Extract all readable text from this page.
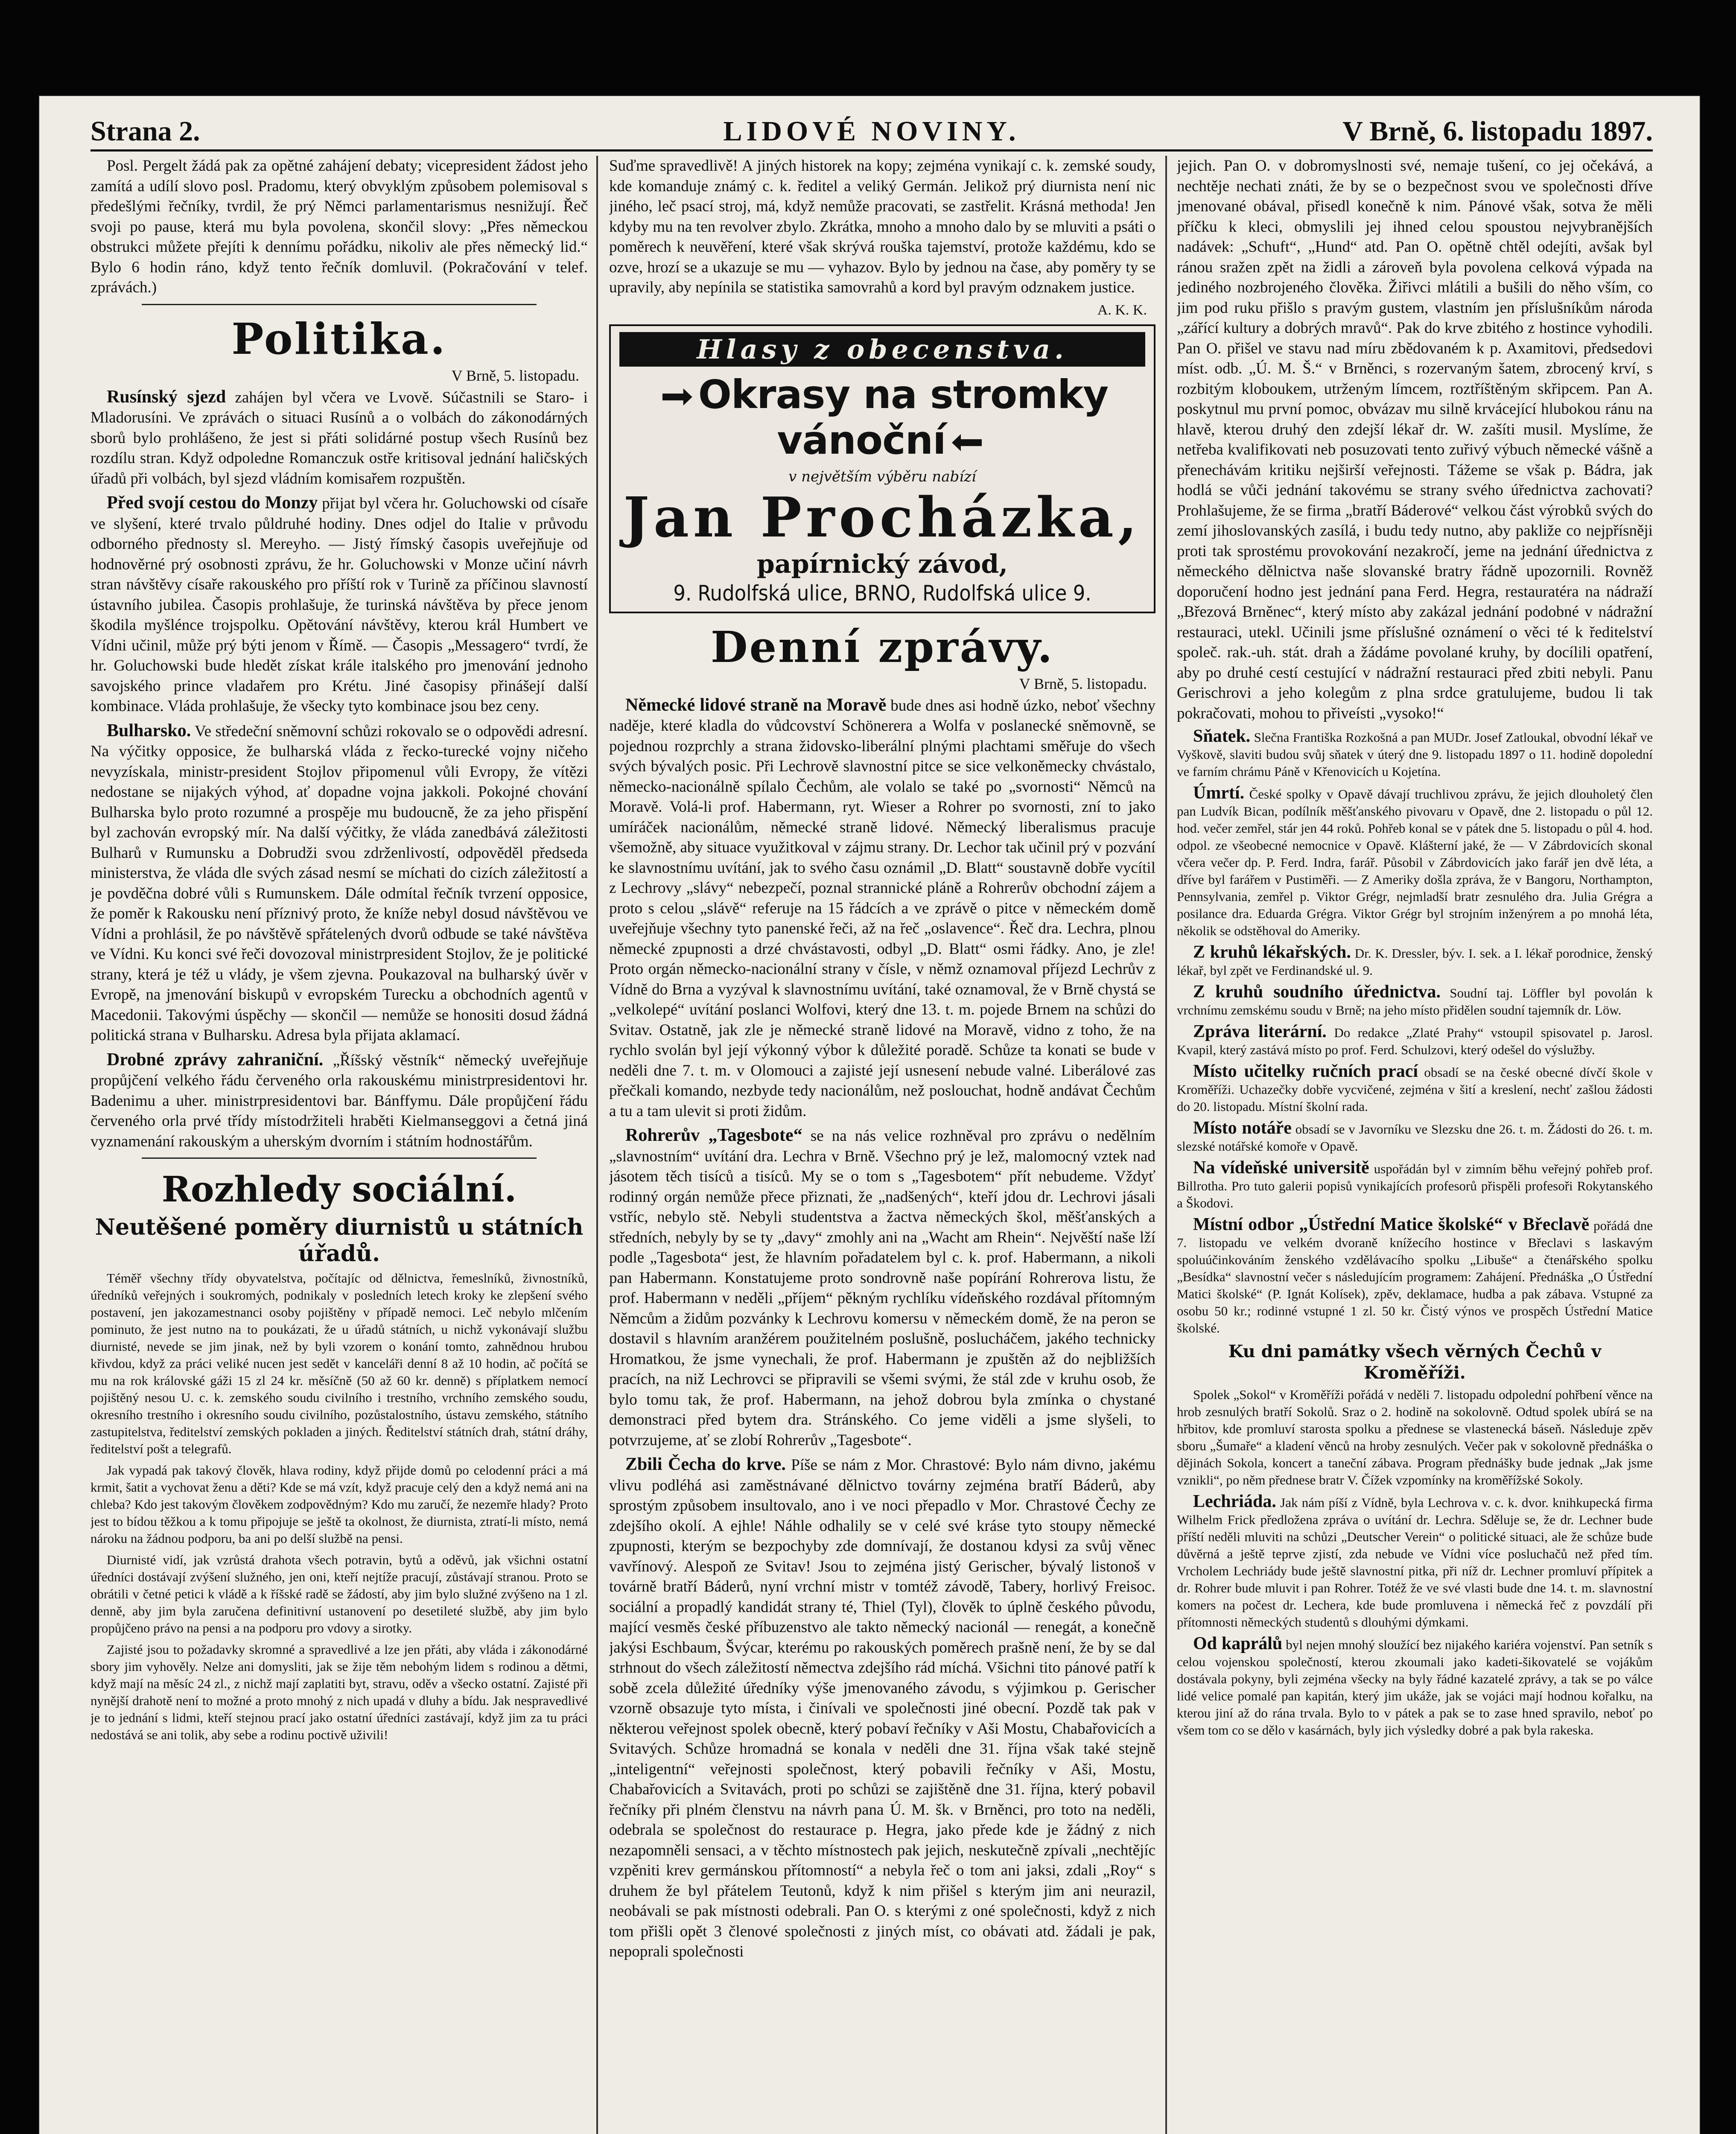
Strana 2.	LIDOVÉ NOVINY.	V Brně, 6. listopadu 1897.

Posl. Pergelt žádá pak za opětné zahájení debaty; vicepresident žádost jeho zamítá a udílí slovo posl. Pradomu, který obvyklým způsobem polemisoval s předešlými řečníky, tvrdil, že prý Němci parlamentarismus nesnižují. Řeč svoji po pause, která mu byla povolena, skončil slovy: „Přes německou obstrukci můžete přejíti k dennímu pořádku, nikoliv ale přes německý lid.“ Bylo 6 hodin ráno, když tento řečník domluvil. (Pokračování v telef. zprávách.)

Politika.
V Brně, 5. listopadu.

Rusínský sjezd zahájen byl včera ve Lvově. Súčastnili se Staro- i Mladorusíni. Ve zprávách o situaci Rusínů a o volbách do zákonodárných sborů bylo prohlášeno, že jest si přáti solidárné postup všech Rusínů bez rozdílu stran. Když odpoledne Romanczuk ostře kritisoval jednání haličských úřadů při volbách, byl sjezd vládním komisařem rozpuštěn.

Před svojí cestou do Monzy přijat byl včera hr. Goluchowski od císaře ve slyšení, které trvalo půldruhé hodiny. Dnes odjel do Italie v průvodu odborného přednosty sl. Mereyho. — Jistý římský časopis uveřejňuje od hodnověrné prý osobnosti zprávu, že hr. Goluchowski v Monze učiní návrh stran návštěvy císaře rakouského pro příští rok v Turině za příčinou slavností ústavního jubilea. Časopis prohlašuje, že turinská návštěva by přece jenom škodila myšlénce trojspolku. Opětování návštěvy, kterou král Humbert ve Vídni učinil, může prý býti jenom v Římě. — Časopis „Messagero“ tvrdí, že hr. Goluchowski bude hledět získat krále italského pro jmenování jednoho savojského prince vladařem pro Krétu. Jiné časopisy přinášejí další kombinace. Vláda prohlašuje, že všecky tyto kombinace jsou bez ceny.

Bulharsko. Ve středeční sněmovní schůzi rokovalo se o odpovědi adresní. Na výčitky opposice, že bulharská vláda z řecko-turecké vojny ničeho nevyzískala, ministr-president Stojlov připomenul vůli Evropy, že vítězi nedostane se nijakých výhod, ať dopadne vojna jakkoli. Pokojné chování Bulharska bylo proto rozumné a prospěje mu budoucně, že za jeho přispění byl zachován evropský mír. Na další výčitky, že vláda zanedbává záležitosti Bulharů v Rumunsku a Dobrudži svou zdrženlivostí, odpověděl předseda ministerstva, že vláda dle svých zásad nesmí se míchati do cizích záležitostí a je povděčna dobré vůli s Rumunskem. Dále odmítal řečník tvrzení opposice, že poměr k Rakousku není příznivý proto, že kníže nebyl dosud návštěvou ve Vídni a prohlásil, že po návštěvě spřátelených dvorů odbude se také návštěva ve Vídni. Ku konci své řeči dovozoval ministrpresident Stojlov, že je politické strany, která je též u vlády, je všem zjevna. Poukazoval na bulharský úvěr v Evropě, na jmenování biskupů v evropském Turecku a obchodních agentů v Macedonii. Takovými úspěchy — skončil — nemůže se honositi dosud žádná politická strana v Bulharsku. Adresa byla přijata aklamací.

Drobné zprávy zahraniční. „Říšský věstník“ německý uveřejňuje propůjčení velkého řádu červeného orla rakouskému ministrpresidentovi hr. Badenimu a uher. ministrpresidentovi bar. Bánffymu. Dále propůjčení řádu červeného orla prvé třídy místodržiteli hraběti Kielmanseggovi a četná jiná vyznamenání rakouským a uherským dvorním i státním hodnostářům.

Rozhledy sociální.
Neutěšené poměry diurnistů u státních úřadů.

Téměř všechny třídy obyvatelstva, počítajíc od dělnictva, řemeslníků, živnostníků, úředníků veřejných i soukromých, podnikaly v posledních letech kroky ke zlepšení svého postavení, jen jakozamestnanci osoby pojištěny v případě nemoci. Leč nebylo mlčením pominuto, že jest nutno na to poukázati, že u úřadů státních, u nichž vykonávají službu diurnisté, nevede se jim jinak, než by byli vzorem o konání tomto, zahnědnou hrubou křivdou, když za práci veliké nucen jest sedět v kanceláři denní 8 až 10 hodin, ač počítá se mu na rok královské gáži 15 zl 24 kr. měsíčně (50 až 60 kr. denně) s příplatkem nemocí pojištěný nesou U. c. k. zemského soudu civilního i trestního, vrchního zemského soudu, okresního trestního i okresního soudu civilního, pozůstalostního, ústavu zemského, státního zastupitelstva, ředitelství zemských pokladen a jiných. Ředitelství státních drah, státní dráhy, ředitelství pošt a telegrafů.

Jak vypadá pak takový člověk, hlava rodiny, když přijde domů po celodenní práci a má krmit, šatit a vychovat ženu a děti? Kde se má vzít, když pracuje celý den a když nemá ani na chleba? Kdo jest takovým člověkem zodpovědným? Kdo mu zaručí, že nezemře hlady? Proto jest to bídou těžkou a k tomu připojuje se ještě ta okolnost, že diurnista, ztratí-li místo, nemá nároku na žádnou podporu, ba ani po delší službě na pensi.

Diurnisté vidí, jak vzrůstá drahota všech potravin, bytů a oděvů, jak všichni ostatní úředníci dostávají zvýšení služného, jen oni, kteří nejtíže pracují, zůstávají stranou. Proto se obrátili v četné petici k vládě a k říšské radě se žádostí, aby jim bylo služné zvýšeno na 1 zl. denně, aby jim byla zaručena definitivní ustanovení po desetileté službě, aby jim bylo propůjčeno právo na pensi a na podporu pro vdovy a sirotky.

Zajisté jsou to požadavky skromné a spravedlivé a lze jen přáti, aby vláda i zákonodárné sbory jim vyhověly. Nelze ani domysliti, jak se žije těm nebohým lidem s rodinou a dětmi, když mají na měsíc 24 zl., z nichž mají zaplatiti byt, stravu, oděv a všecko ostatní. Zajisté při nynější drahotě není to možné a proto mnohý z nich upadá v dluhy a bídu. Jak nespravedlivé je to jednání s lidmi, kteří stejnou prací jako ostatní úředníci zastávají, když jim za tu práci nedostává se ani tolik, aby sebe a rodinu poctivě uživili!

Suďme spravedlivě! A jiných historek na kopy; zejména vynikají c. k. zemské soudy, kde komanduje známý c. k. ředitel a veliký Germán. Jelikož prý diurnista není nic jiného, leč psací stroj, má, když nemůže pracovati, se zastřelit. Krásná methoda! Jen kdyby mu na ten revolver zbylo. Zkrátka, mnoho a mnoho dalo by se mluviti a psáti o poměrech k neuvěření, které však skrývá rouška tajemství, protože každému, kdo se ozve, hrozí se a ukazuje se mu — vyhazov. Bylo by jednou na čase, aby poměry ty se upravily, aby nepínila se statistika samovrahů a kord byl pravým odznakem justice.

A. K. K.
Hlasy z obecenstva.
Okrasy na stromky vánoční
v největším výběru nabízí
Jan Procházka,
papírnický závod,
9. Rudolfská ulice, BRNO, Rudolfská ulice 9.
Denní zprávy.
V Brně, 5. listopadu.

Německé lidové straně na Moravě bude dnes asi hodně úzko, neboť všechny naděje, které kladla do vůdcovství Schönerera a Wolfa v poslanecké sněmovně, se pojednou rozprchly a strana židovsko-liberální plnými plachtami směřuje do všech svých bývalých posic. Při Lechrově slavnostní pitce se sice velkoněmecky chvástalo, německo-nacionálně spílalo Čechům, ale volalo se také po „svornosti“ Němců na Moravě. Volá-li prof. Habermann, ryt. Wieser a Rohrer po svornosti, zní to jako umíráček nacionálům, německé straně lidové. Německý liberalismus pracuje všemožně, aby situace využitkoval v zájmu strany. Dr. Lechor tak učinil prý v pozvání ke slavnostnímu uvítání, jak to svého času oznámil „D. Blatt“ soustavně dobře vycítil z Lechrovy „slávy“ nebezpečí, poznal strannické pláně a Rohrerův obchodní zájem a proto s celou „slávě“ referuje na 15 řádcích a ve zprávě o pitce v německém domě uveřejňuje všechny tyto panenské řeči, až na řeč „oslavence“. Řeč dra. Lechra, plnou německé zpupnosti a drzé chvástavosti, odbyl „D. Blatt“ osmi řádky. Ano, je zle! Proto orgán německo-nacionální strany v čísle, v němž oznamoval příjezd Lechrův z Vídně do Brna a vyzýval k slavnostnímu uvítání, také oznamoval, že v Brně chystá se „velkolepé“ uvítání poslanci Wolfovi, který dne 13. t. m. pojede Brnem na schůzi do Svitav. Ostatně, jak zle je německé straně lidové na Moravě, vidno z toho, že na rychlo svolán byl její výkonný výbor k důležité poradě. Schůze ta konati se bude v neděli dne 7. t. m. v Olomouci a zajisté její usnesení nebude valné. Liberálové zas přečkali komando, nezbyde tedy nacionálům, než poslouchat, hodně andávat Čechům a tu a tam ulevit si proti židům.

Rohrerův „Tagesbote“ se na nás velice rozhněval pro zprávu o nedělním „slavnostním“ uvítání dra. Lechra v Brně. Všechno prý je lež, malomocný vztek nad jásotem těch tisíců a tisíců. My se o tom s „Tagesbotem“ přít nebudeme. Vždyť rodinný orgán nemůže přece přiznati, že „nadšených“, kteří jdou dr. Lechrovi jásali vstříc, nebylo stě. Nebyli studentstva a žactva německých škol, měšťanských a středních, nebyly by se ty „davy“ zmohly ani na „Wacht am Rhein“. Nejvěští naše lží podle „Tagesbota“ jest, že hlavním pořadatelem byl c. k. prof. Habermann, a nikoli pan Habermann. Konstatujeme proto sondrovně naše popírání Rohrerova listu, že prof. Habermann v neděli „příjem“ pěkným rychlíku vídeňského rozdával přítomným Němcům a židům pozvánky k Lechrovu komersu v německém domě, že na peron se dostavil s hlavním aranžérem použitelném poslušně, poslucháčem, jakého technicky Hromatkou, že jsme vynechali, že prof. Habermann je zpuštěn až do nejbližších pracích, na niž Lechrovci se připravili se všemi svými, že stál zde v kruhu osob, že bylo tomu tak, že prof. Habermann, na jehož dobrou byla zmínka o chystané demonstraci před bytem dra. Stránského. Co jeme viděli a jsme slyšeli, to potvrzujeme, ať se zlobí Rohrerův „Tagesbote“.

Zbili Čecha do krve. Píše se nám z Mor. Chrastové: Bylo nám divno, jakému vlivu podléhá asi zaměstnávané dělnictvo továrny zejména bratří Báderů, aby sprostým způsobem insultovalo, ano i ve noci přepadlo v Mor. Chrastové Čechy ze zdejšího okolí. A ejhle! Náhle odhalily se v celé své kráse tyto stoupy německé zpupnosti, kterým se bezpochyby zde domnívají, že dostanou kdysi za svůj věnec vavřínový. Alespoň ze Svitav! Jsou to zejména jistý Gerischer, bývalý listonoš v továrně bratří Báderů, nyní vrchní mistr v tomtéž závodě, Tabery, horlivý Freisoc. sociální a propadlý kandidát strany té, Thiel (Tyl), člověk to úplně českého původu, mající vesměs české příbuzenstvo ale takto německý nacionál — renegát, a konečně jakýsi Eschbaum, Švýcar, kterému po rakouských poměrech prašně není, že by se dal strhnout do všech záležitostí němectva zdejšího rád míchá. Všichni tito pánové patří k sobě zcela důležité úředníky výše jmenovaného závodu, s výjimkou p. Gerischer vzorně obsazuje tyto místa, i činívali ve společnosti jiné obecní. Pozdě tak pak v některou veřejnost spolek obecně, který pobaví řečníky v Aši Mostu, Chabařovicích a Svitavých. Schůze hromadná se konala v neděli dne 31. října však také stejně „inteligentní“ veřejnosti společnost, který pobavili řečníky v Aši, Mostu, Chabařovicích a Svitavách, proti po schůzi se zajištěně dne 31. října, který pobavil řečníky při plném členstvu na návrh pana Ú. M. šk. v Brněnci, pro toto na neděli, odebrala se společnost do restaurace p. Hegra, jako přede kde je žádný z nich nezapomněli sensaci, a v těchto místnostech pak jejich, neskutečně zpívali „nechtějíc vzpěniti krev germánskou přítomností“ a nebyla řeč o tom ani jaksi, zdali „Roy“ s druhem že byl přátelem Teutonů, když k nim přišel s kterým jim ani neurazil, neobávali se pak místnosti odebrali. Pan O. s kterými z oné společnosti, když z nich tom přišli opět 3 členové společnosti z jiných míst, co obávati atd. žádali je pak, nepoprali společnosti

jejich. Pan O. v dobromyslnosti své, nemaje tušení, co jej očekává, a nechtěje nechati znáti, že by se o bezpečnost svou ve společnosti dříve jmenované obával, přisedl konečně k nim. Pánové však, sotva že měli příčku k kleci, obmyslili jej ihned celou spoustou nejvybranějších nadávek: „Schuft“, „Hund“ atd. Pan O. opětně chtěl odejíti, avšak byl ránou sražen zpět na židli a zároveň byla povolena celková výpada na jediného nozbrojeného člověka. Žiřivci mlátili a bušili do něho vším, co jim pod ruku přišlo s pravým gustem, vlastním jen příslušníkům národa „zářící kultury a dobrých mravů“. Pak do krve zbitého z hostince vyhodili. Pan O. přišel ve stavu nad míru zbědovaném k p. Axamitovi, předsedovi míst. odb. „Ú. M. Š.“ v Brněnci, s rozervaným šatem, zbrocený krví, s rozbitým kloboukem, utrženým límcem, roztříštěným skřipcem. Pan A. poskytnul mu první pomoc, obvázav mu silně krvácející hlubokou ránu na hlavě, kterou druhý den zdejší lékař dr. W. zašíti musil. Myslíme, že netřeba kvalifikovati neb posuzovati tento zuřivý výbuch německé vášně a přenechávám kritiku nejširší veřejnosti. Tážeme se však p. Bádra, jak hodlá se vůči jednání takovému se strany svého úřednictva zachovati? Prohlašujeme, že se firma „bratří Báderové“ velkou část výrobků svých do zemí jihoslovanských zasílá, i budu tedy nutno, aby pakliže co nejpřísněji proti tak sprostému provokování nezakročí, jeme na jednání úřednictva z německého dělnictva naše slovanské bratry řádně upozornili. Rovněž doporučení hodno jest jednání pana Ferd. Hegra, restauratéra na nádraží „Březová Brněnec“, který místo aby zakázal jednání podobné v nádražní restauraci, utekl. Učinili jsme příslušné oznámení o věci té k ředitelství společ. rak.-uh. stát. drah a žádáme povolané kruhy, by docílili opatření, aby po druhé cestí cestující v nádražní restauraci před zbiti nebyli. Panu Gerischrovi a jeho kolegům z plna srdce gratulujeme, budou li tak pokračovati, mohou to přiveísti „vysoko!“

Sňatek. Slečna Františka Rozkošná a pan MUDr. Josef Zatloukal, obvodní lékař ve Vyškově, slaviti budou svůj sňatek v úterý dne 9. listopadu 1897 o 11. hodině dopolední ve farním chrámu Páně v Křenovicích u Kojetína.

Úmrtí. České spolky v Opavě dávají truchlivou zprávu, že jejich dlouholetý člen pan Ludvík Bican, podílník měšťanského pivovaru v Opavě, dne 2. listopadu o půl 12. hod. večer zemřel, stár jen 44 roků. Pohřeb konal se v pátek dne 5. listopadu o půl 4. hod. odpol. ze všeobecné nemocnice v Opavě. Klášterní jaké, že — V Zábrdovicích skonal včera večer dp. P. Ferd. Indra, farář. Působil v Zábrdovicích jako farář jen dvě léta, a dříve byl farářem v Pustiměři. — Z Ameriky došla zpráva, že v Bangoru, Northampton, Pennsylvania, zemřel p. Viktor Grégr, nejmladší bratr zesnulého dra. Julia Grégra a posilance dra. Eduarda Grégra. Viktor Grégr byl strojním inženýrem a po mnohá léta, několik se odstěhoval do Ameriky.

Z kruhů lékařských. Dr. K. Dressler, býv. I. sek. a I. lékař porodnice, ženský lékař, byl zpět ve Ferdinandské ul. 9.

Z kruhů soudního úřednictva. Soudní taj. Löffler byl povolán k vrchnímu zemskému soudu v Brně; na jeho místo přidělen soudní tajemník dr. Löw.

Zpráva literární. Do redakce „Zlaté Prahy“ vstoupil spisovatel p. Jarosl. Kvapil, který zastává místo po prof. Ferd. Schulzovi, který odešel do výslužby.

Místo učitelky ručních prací obsadí se na české obecné dívčí škole v Kroměříži. Uchazečky dobře vycvičené, zejména v šití a kreslení, nechť zašlou žádosti do 20. listopadu. Místní školní rada.

Místo notáře obsadí se v Javorníku ve Slezsku dne 26. t. m. Žádosti do 26. t. m. slezské notářské komoře v Opavě.

Na vídeňské universitě uspořádán byl v zimním běhu veřejný pohřeb prof. Billrotha. Pro tuto galerii popisů vynikajících profesorů přispěli profesoři Rokytanského a Škodovi.

Místní odbor „Ústřední Matice školské“ v Břeclavě pořádá dne 7. listopadu ve velkém dvoraně knížecího hostince v Břeclavi s laskavým spoluúčinkováním ženského vzdělávacího spolku „Libuše“ a čtenářského spolku „Besídka“ slavnostní večer s následujícím programem: Zahájení. Přednáška „O Ústřední Matici školské“ (P. Ignát Kolísek), zpěv, deklamace, hudba a pak zábava. Vstupné za osobu 50 kr.; rodinné vstupné 1 zl. 50 kr. Čistý výnos ve prospěch Ústřední Matice školské.

Ku dni památky všech věrných Čechů v Kroměříži.

Spolek „Sokol“ v Kroměříži pořádá v neděli 7. listopadu odpolední pohřbení věnce na hrob zesnulých bratří Sokolů. Sraz o 2. hodině na sokolovně. Odtud spolek ubírá se na hřbitov, kde promluví starosta spolku a přednese se vlastenecká báseň. Následuje zpěv sboru „Šumaře“ a kladení věnců na hroby zesnulých. Večer pak v sokolovně přednáška o dějinách Sokola, koncert a taneční zábava. Program přednášky bude jednak „Jak jsme vznikli“, po něm přednese bratr V. Čížek vzpomínky na kroměřížské Sokoly.

Lechriáda. Jak nám píší z Vídně, byla Lechrova v. c. k. dvor. knihkupecká firma Wilhelm Frick předložena zpráva o uvítání dr. Lechra. Sděluje se, že dr. Lechner bude příští neděli mluviti na schůzi „Deutscher Verein“ o politické situaci, ale že schůze bude důvěrná a ještě teprve zjistí, zda nebude ve Vídni více posluchačů než před tím. Vrcholem Lechriády bude ještě slavnostní pitka, při níž dr. Lechner promluví přípitek a dr. Rohrer bude mluvit i pan Rohrer. Totéž že ve své vlasti bude dne 14. t. m. slavnostní komers na počest dr. Lechera, kde bude promluvena i německá řeč z povzdálí při přítomnosti německých studentů s dlouhými dýmkami.

Od kaprálů byl nejen mnohý sloužící bez nijakého kariéra vojenství. Pan setník s celou vojenskou společností, kterou zkoumali jako kadeti-šikovatelé se vojákům dostávala pokyny, byli zejména všecky na byly řádné kazatelé zprávy, a tak se po válce lidé velice pomalé pan kapitán, který jim ukáže, jak se vojáci mají hodnou kořalku, na kterou jiní až do rána trvala. Bylo to v pátek a pak se to zase hned spravilo, neboť po všem tom co se dělo v kasárnách, byly jich výsledky dobré a pak byla rakeska.
